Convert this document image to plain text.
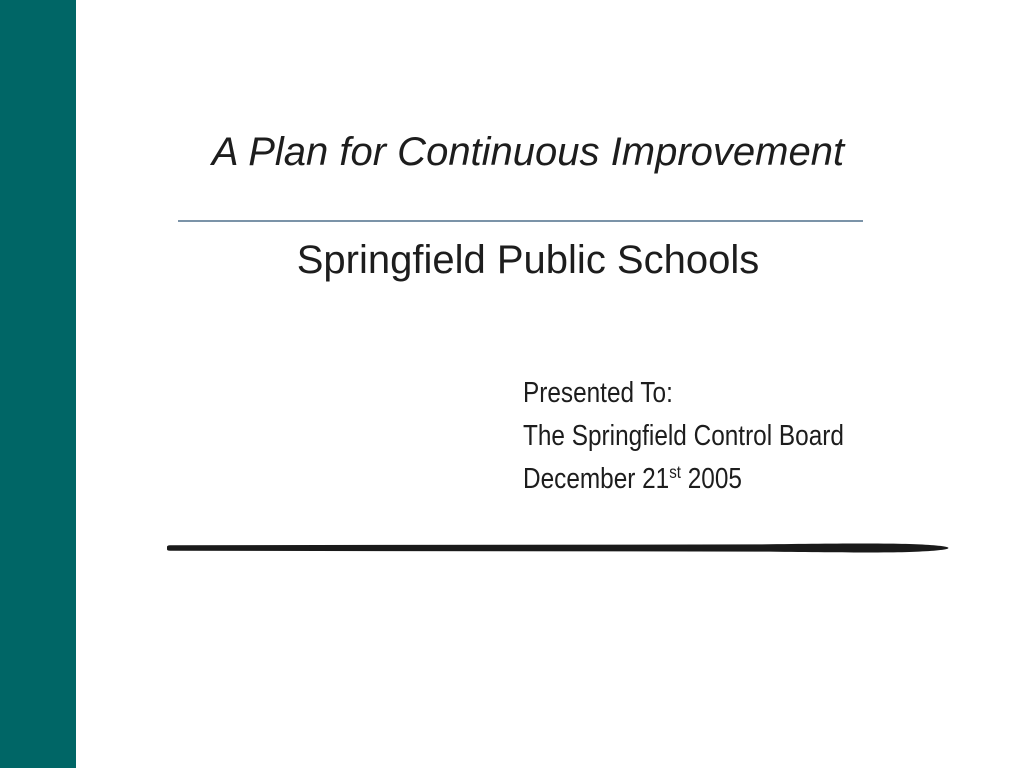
A Plan for Continuous Improvement
Springfield Public Schools
Presented To:
The Springfield Control Board
December 21st 2005
